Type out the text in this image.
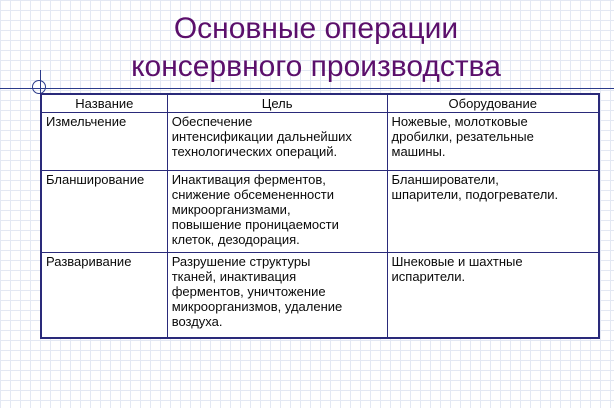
Основные операции
консервного производства
Название	Цель	Оборудование

Измельчение	Обеспечение
интенсификации дальнейших
технологических операций.	Ножевые, молотковые
дробилки, резательные
машины.

Бланширование	Инактивация ферментов,
снижение обсемененности
микроорганизмами,
повышение проницаемости
клеток, дезодорация.	Бланширователи,
шпарители, подогреватели.

Разваривание	Разрушение структуры
тканей, инактивация
ферментов, уничтожение
микроорганизмов, удаление
воздуха.	Шнековые и шахтные
испарители.
